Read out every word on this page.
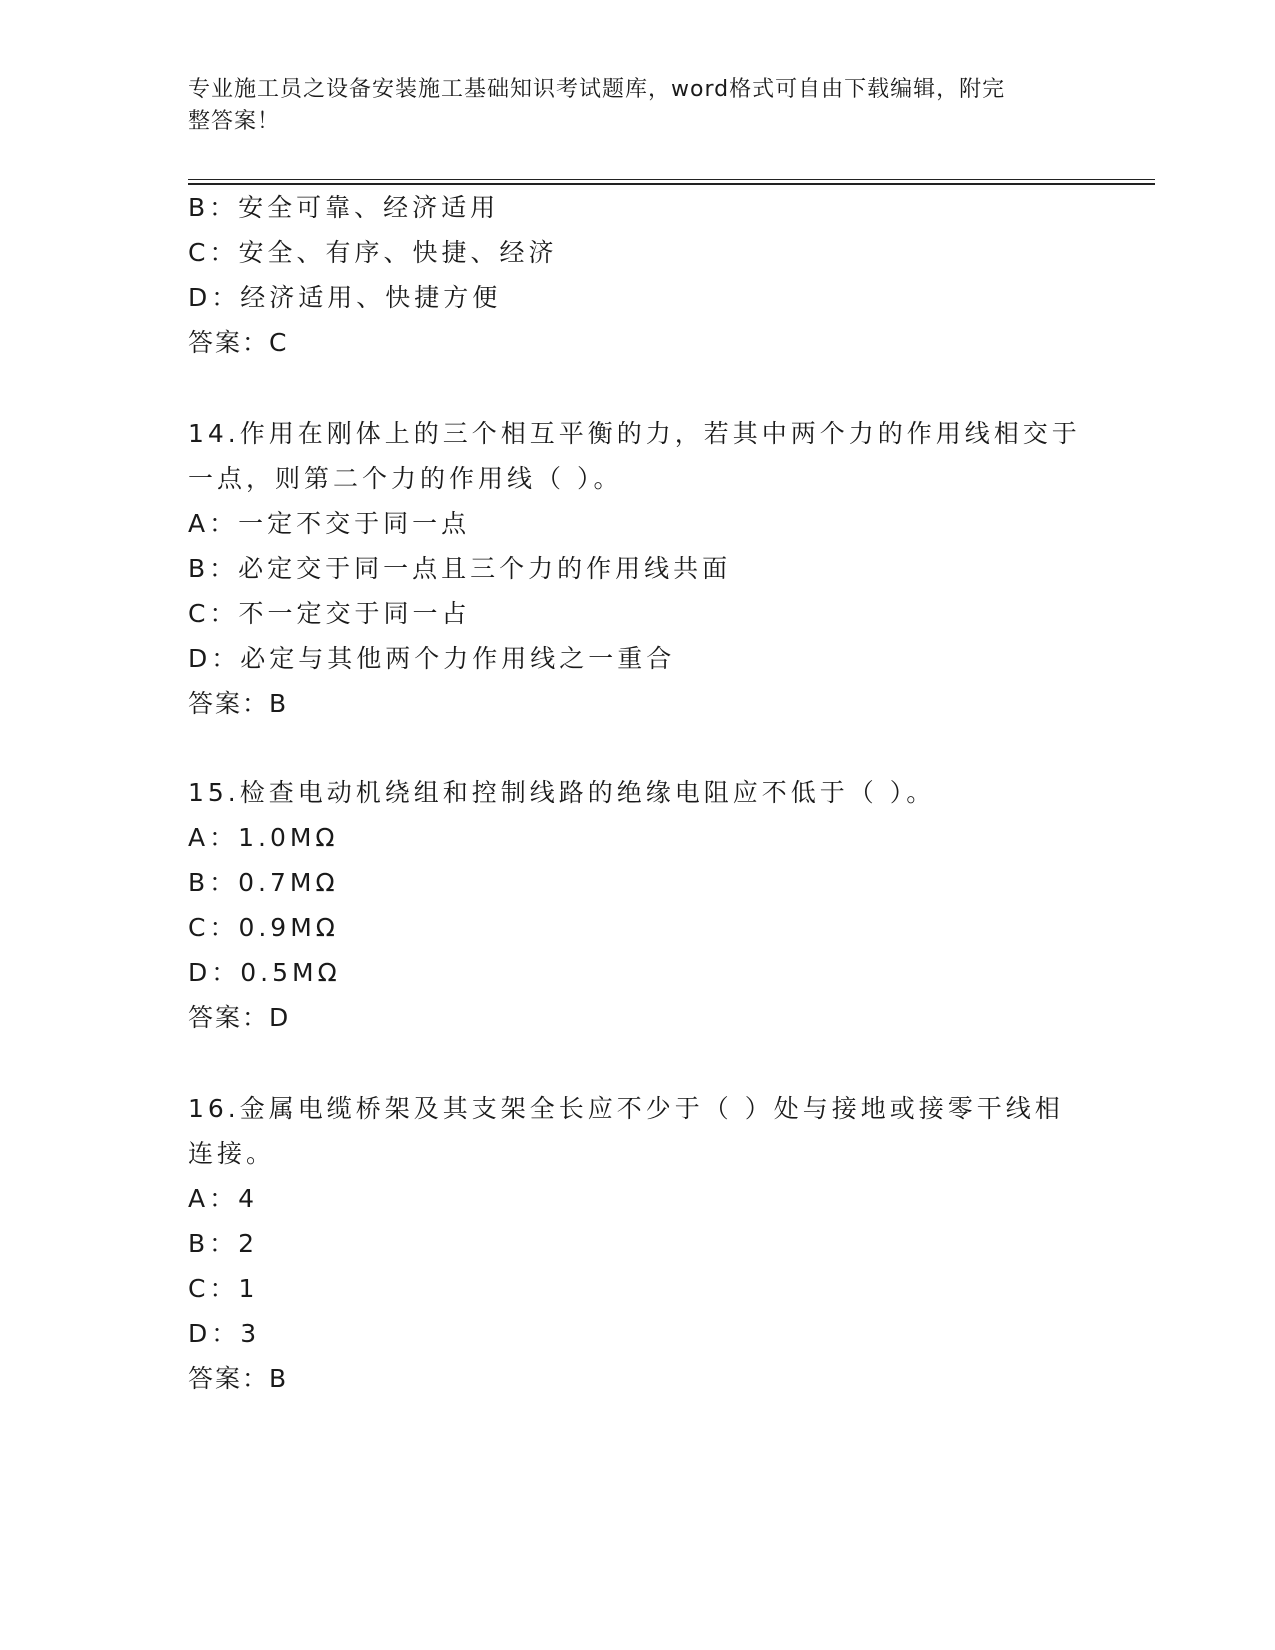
专业施工员之设备安装施工基础知识考试题库，word格式可自由下载编辑，附完
整答案！
B：安全可靠、经济适用
C：安全、有序、快捷、经济
D：经济适用、快捷方便
答案：C
14.作用在刚体上的三个相互平衡的力，若其中两个力的作用线相交于
一点，则第二个力的作用线（ ）。
A：一定不交于同一点
B：必定交于同一点且三个力的作用线共面
C：不一定交于同一占
D：必定与其他两个力作用线之一重合
答案：B
15.检查电动机绕组和控制线路的绝缘电阻应不低于（ ）。
A：1.0MΩ
B：0.7MΩ
C：0.9MΩ
D：0.5MΩ
答案：D
16.金属电缆桥架及其支架全长应不少于（ ）处与接地或接零干线相
连接。
A：4
B：2
C：1
D：3
答案：B
